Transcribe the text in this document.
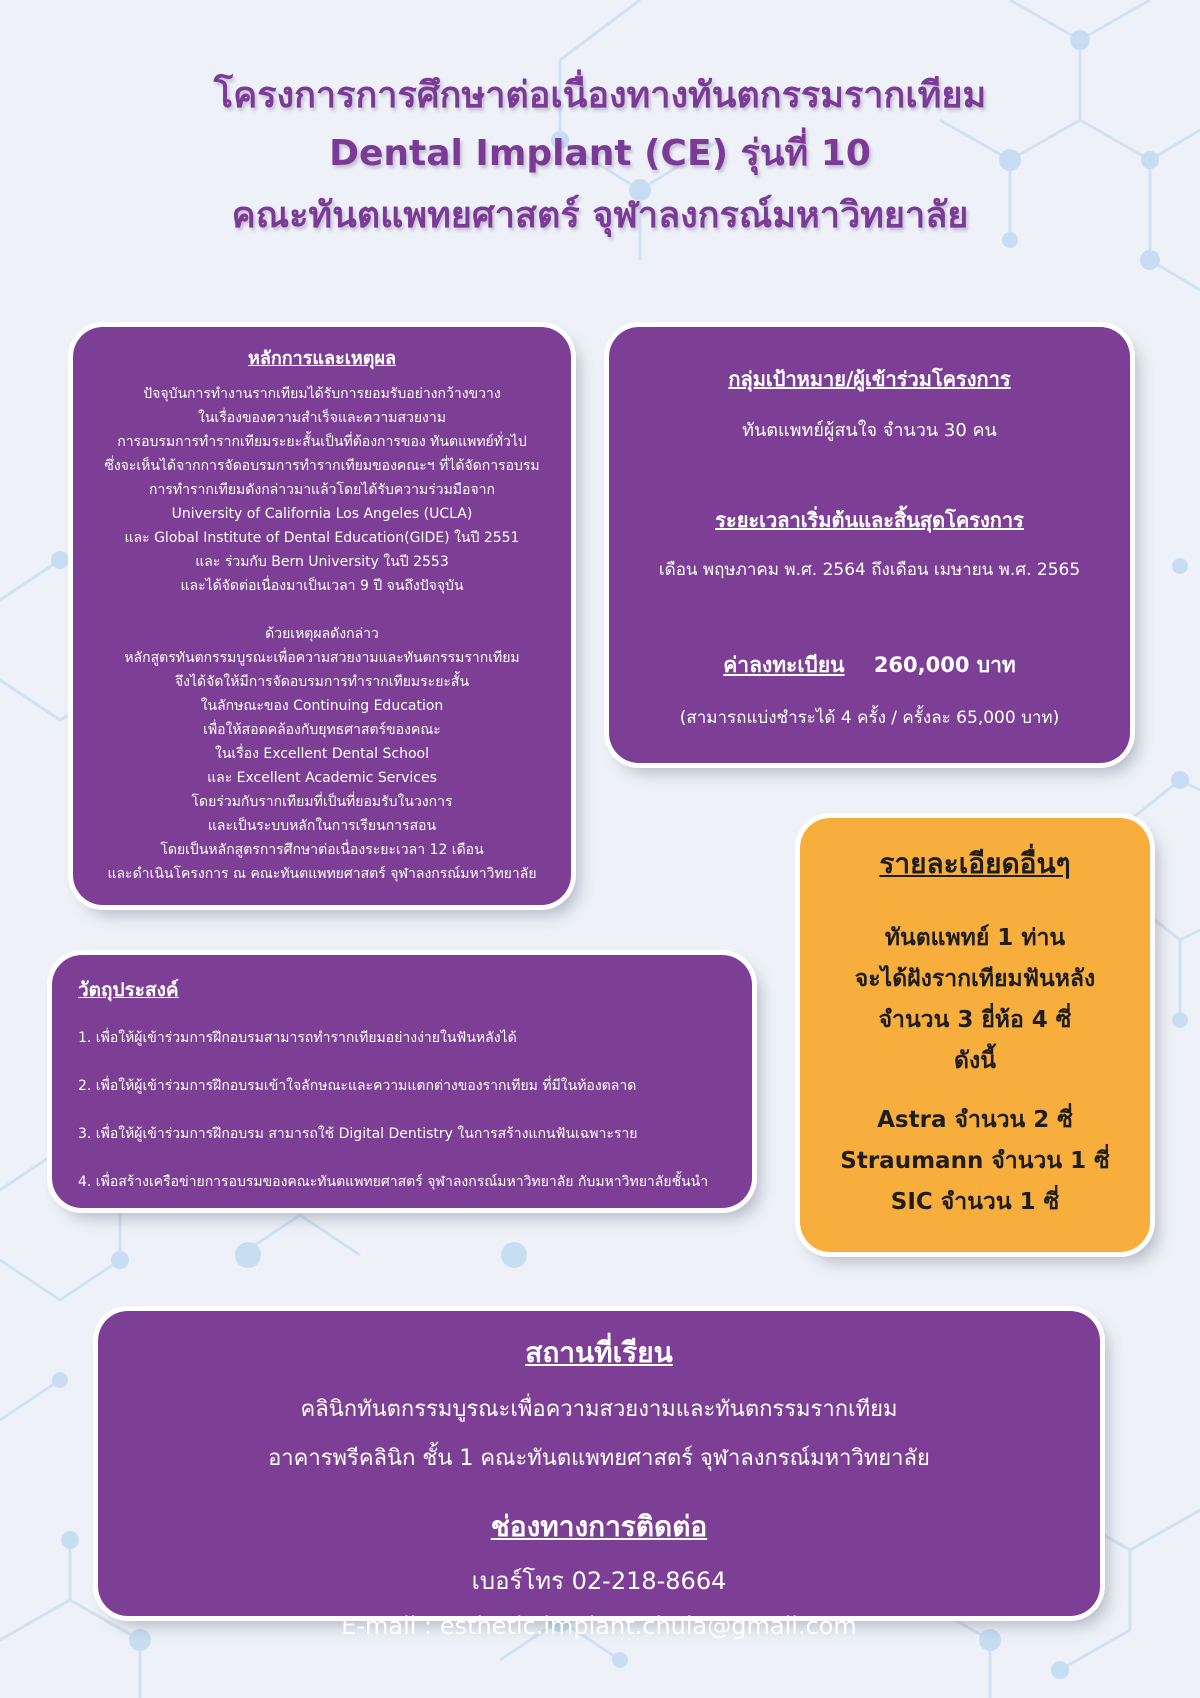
โครงการการศึกษาต่อเนื่องทางทันตกรรมรากเทียม
Dental Implant (CE) รุ่นที่ 10
คณะทันตแพทยศาสตร์ จุฬาลงกรณ์มหาวิทยาลัย
หลักการและเหตุผล
ปัจจุบันการทำงานรากเทียมได้รับการยอมรับอย่างกว้างขวาง
ในเรื่องของความสำเร็จและความสวยงาม
การอบรมการทำรากเทียมระยะสั้นเป็นที่ต้องการของ ทันตแพทย์ทั่วไป
ซึ่งจะเห็นได้จากการจัดอบรมการทำรากเทียมของคณะฯ ที่ได้จัดการอบรม
การทำรากเทียมดังกล่าวมาแล้วโดยได้รับความร่วมมือจาก
University of California Los Angeles (UCLA)
และ Global Institute of Dental Education(GIDE) ในปี 2551
และ ร่วมกับ Bern University ในปี 2553
และได้จัดต่อเนื่องมาเป็นเวลา 9 ปี จนถึงปัจจุบัน
ด้วยเหตุผลดังกล่าว
หลักสูตรทันตกรรมบูรณะเพื่อความสวยงามและทันตกรรมรากเทียม
จึงได้จัดให้มีการจัดอบรมการทำรากเทียมระยะสั้น
ในลักษณะของ Continuing Education
เพื่อให้สอดคล้องกับยุทธศาสตร์ของคณะ
ในเรื่อง Excellent Dental School
และ Excellent Academic Services
โดยร่วมกับรากเทียมที่เป็นที่ยอมรับในวงการ
และเป็นระบบหลักในการเรียนการสอน
โดยเป็นหลักสูตรการศึกษาต่อเนื่องระยะเวลา 12 เดือน
และดำเนินโครงการ ณ คณะทันตแพทยศาสตร์ จุฬาลงกรณ์มหาวิทยาลัย
กลุ่มเป้าหมาย/ผู้เข้าร่วมโครงการ
ทันตแพทย์ผู้สนใจ จำนวน 30 คน
ระยะเวลาเริ่มต้นและสิ้นสุดโครงการ
เดือน พฤษภาคม พ.ศ. 2564 ถึงเดือน เมษายน พ.ศ. 2565
ค่าลงทะเบียน 260,000 บาท
(สามารถแบ่งชำระได้ 4 ครั้ง / ครั้งละ 65,000 บาท)
วัตถุประสงค์
1. เพื่อให้ผู้เข้าร่วมการฝึกอบรมสามารถทำรากเทียมอย่างง่ายในฟันหลังได้
2. เพื่อให้ผู้เข้าร่วมการฝึกอบรมเข้าใจลักษณะและความแตกต่างของรากเทียม ที่มีในท้องตลาด
3. เพื่อให้ผู้เข้าร่วมการฝึกอบรม สามารถใช้ Digital Dentistry ในการสร้างแกนฟันเฉพาะราย
4. เพื่อสร้างเครือข่ายการอบรมของคณะทันตแพทยศาสตร์ จุฬาลงกรณ์มหาวิทยาลัย กับมหาวิทยาลัยชั้นนำ
รายละเอียดอื่นๆ
ทันตแพทย์ 1 ท่าน
จะได้ฝังรากเทียมฟันหลัง
จำนวน 3 ยี่ห้อ 4 ซี่
ดังนี้
Astra จำนวน 2 ซี่
Straumann จำนวน 1 ซี่
SIC จำนวน 1 ซี่
สถานที่เรียน
คลินิกทันตกรรมบูรณะเพื่อความสวยงามและทันตกรรมรากเทียม
อาคารพรีคลินิก ชั้น 1 คณะทันตแพทยศาสตร์ จุฬาลงกรณ์มหาวิทยาลัย
ช่องทางการติดต่อ
เบอร์โทร 02-218-8664
E-mail : esthetic.implant.chula@gmail.com
